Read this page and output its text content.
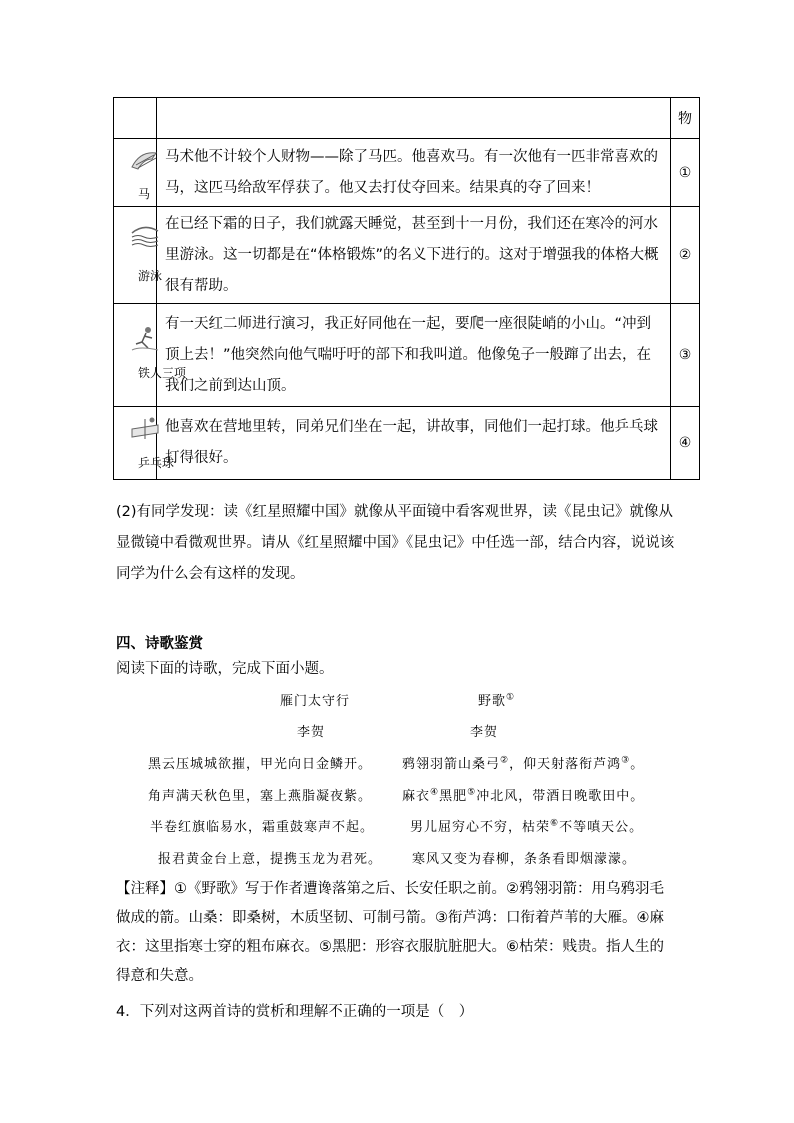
		物

马	马术他不计较个人财物——除了马匹。他喜欢马。有一次他有一匹非常喜欢的马，这匹马给敌军俘获了。他又去打仗夺回来。结果真的夺了回来！	①

游泳	在已经下霜的日子，我们就露天睡觉，甚至到十一月份，我们还在寒冷的河水里游泳。这一切都是在“体格锻炼”的名义下进行的。这对于增强我的体格大概很有帮助。	②

铁人三项	有一天红二师进行演习，我正好同他在一起，要爬一座很陡峭的小山。“冲到顶上去！”他突然向他气喘吁吁的部下和我叫道。他像兔子一般蹿了出去，在我们之前到达山顶。	③

乒乓球	他喜欢在营地里转，同弟兄们坐在一起，讲故事，同他们一起打球。他乒乓球打得很好。	④
(2)有同学发现：读《红星照耀中国》就像从平面镜中看客观世界，读《昆虫记》就像从显微镜中看微观世界。请从《红星照耀中国》《昆虫记》中任选一部，结合内容，说说该同学为什么会有这样的发现。
四、诗歌鉴赏
阅读下面的诗歌，完成下面小题。
雁门太守行
李贺
黑云压城城欲摧，甲光向日金鳞开。
角声满天秋色里，塞上燕脂凝夜紫。
半卷红旗临易水，霜重鼓寒声不起。
报君黄金台上意，提携玉龙为君死。
野歌①
李贺
鸦翎羽箭山桑弓②，仰天射落衔芦鸿③。
麻衣④黑肥⑤冲北风，带酒日晚歌田中。
男儿屈穷心不穷，枯荣⑥不等嗔天公。
寒风又变为春柳，条条看即烟濛濛。
【注释】①《野歌》写于作者遭谗落第之后、长安任职之前。②鸦翎羽箭：用乌鸦羽毛做成的箭。山桑：即桑树，木质坚韧、可制弓箭。③衔芦鸿：口衔着芦苇的大雁。④麻衣：这里指寒士穿的粗布麻衣。⑤黑肥：形容衣服肮脏肥大。⑥枯荣：贱贵。指人生的得意和失意。
4．下列对这两首诗的赏析和理解不正确的一项是（　）
